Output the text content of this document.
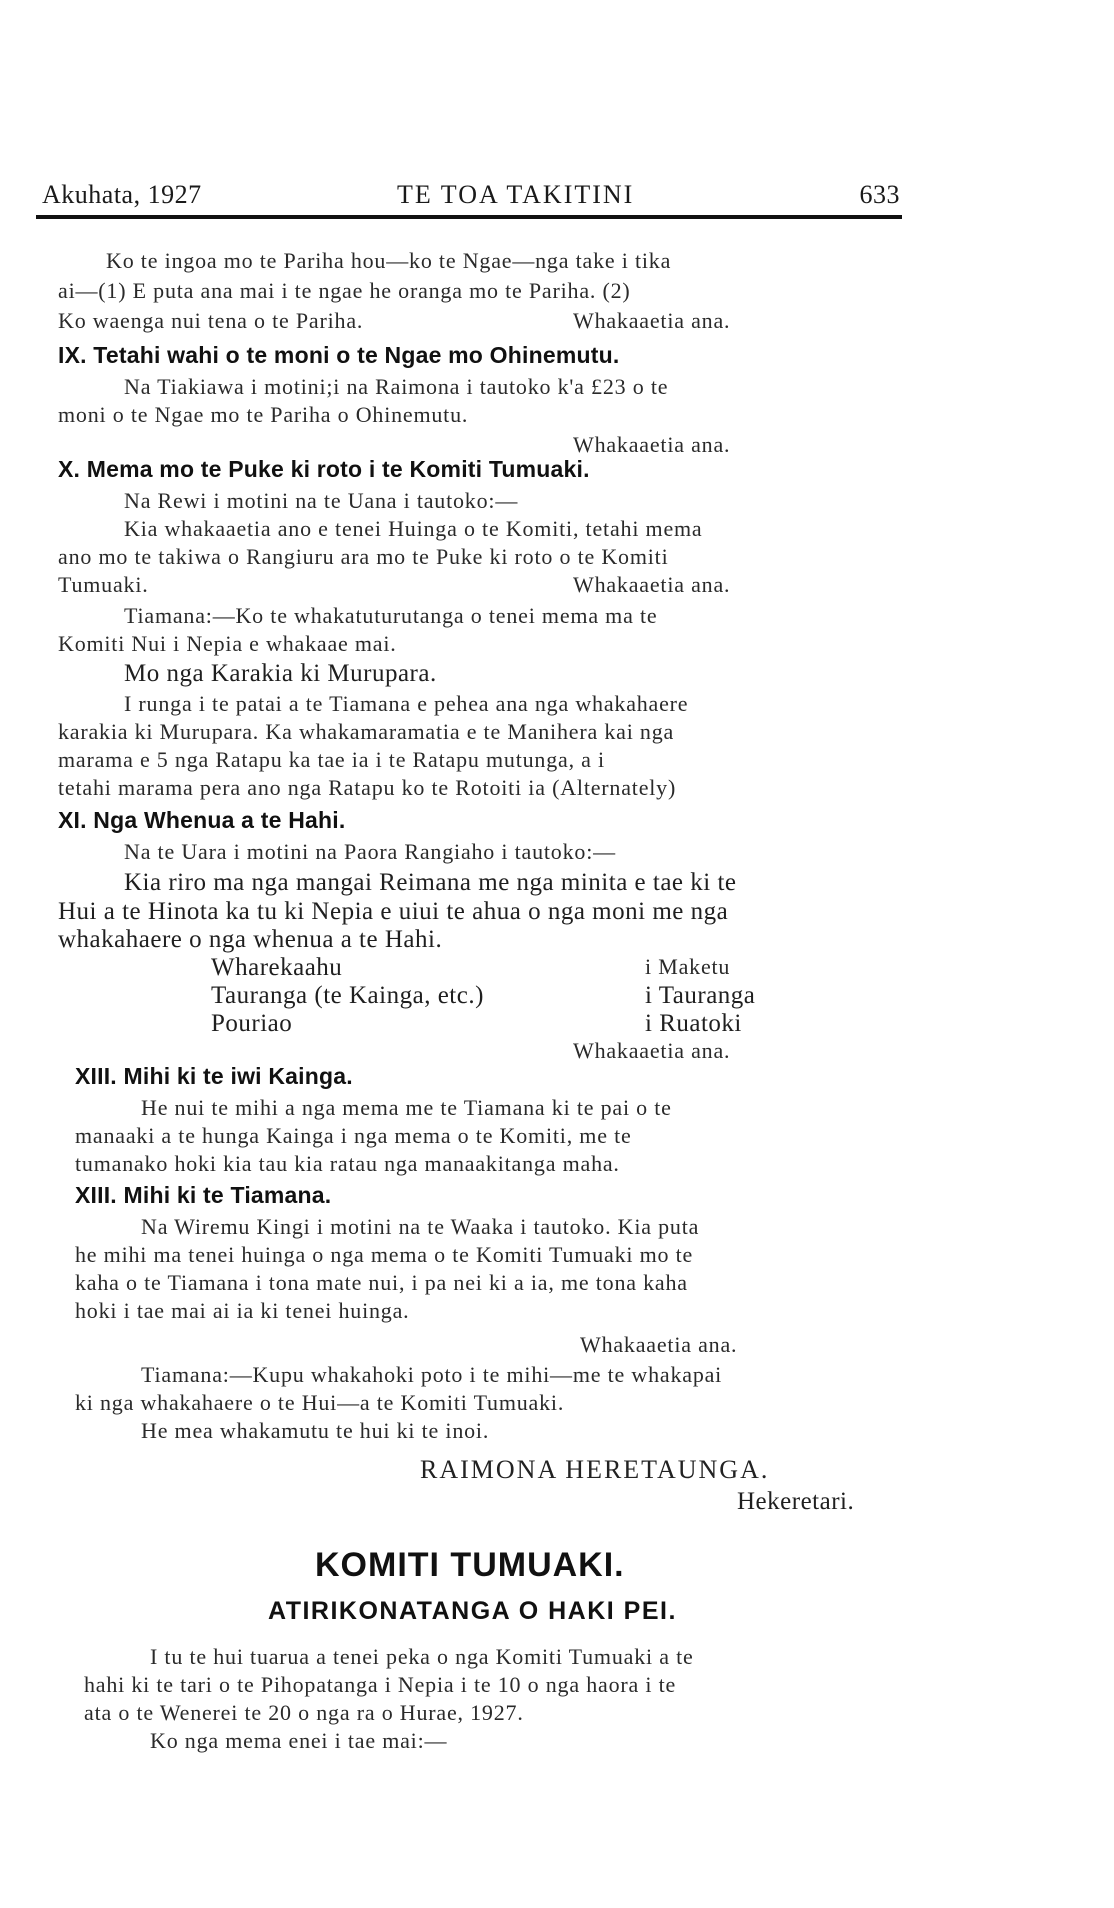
Akuhata, 1927	TE TOA TAKITINI	633
Ko te ingoa mo te Pariha hou—ko te Ngae—nga take i tika
ai—(1) E puta ana mai i te ngae he oranga mo te Pariha. (2)
Ko waenga nui tena o te Pariha.	Whakaaetia ana.
IX. Tetahi wahi o te moni o te Ngae mo Ohinemutu.
Na Tiakiawa i motini;i na Raimona i tautoko k'a £23 o te
moni o te Ngae mo te Pariha o Ohinemutu.
Whakaaetia ana.
X. Mema mo te Puke ki roto i te Komiti Tumuaki.
Na Rewi i motini na te Uana i tautoko:—
Kia whakaaetia ano e tenei Huinga o te Komiti, tetahi mema
ano mo te takiwa o Rangiuru ara mo te Puke ki roto o te Komiti
Tumuaki.	Whakaaetia ana.
Tiamana:—Ko te whakatuturutanga o tenei mema ma te
Komiti Nui i Nepia e whakaae mai.
Mo nga Karakia ki Murupara.
I runga i te patai a te Tiamana e pehea ana nga whakahaere
karakia ki Murupara. Ka whakamaramatia e te Manihera kai nga
marama e 5 nga Ratapu ka tae ia i te Ratapu mutunga, a i
tetahi marama pera ano nga Ratapu ko te Rotoiti ia (Alternately)
XI. Nga Whenua a te Hahi.
Na te Uara i motini na Paora Rangiaho i tautoko:—
Kia riro ma nga mangai Reimana me nga minita e tae ki te
Hui a te Hinota ka tu ki Nepia e uiui te ahua o nga moni me nga
whakahaere o nga whenua a te Hahi.
Wharekaahu	i Maketu
Tauranga (te Kainga, etc.)	i Tauranga
Pouriao	i Ruatoki
Whakaaetia ana.
XIII. Mihi ki te iwi Kainga.
He nui te mihi a nga mema me te Tiamana ki te pai o te
manaaki a te hunga Kainga i nga mema o te Komiti, me te
tumanako hoki kia tau kia ratau nga manaakitanga maha.
XIII. Mihi ki te Tiamana.
Na Wiremu Kingi i motini na te Waaka i tautoko. Kia puta
he mihi ma tenei huinga o nga mema o te Komiti Tumuaki mo te
kaha o te Tiamana i tona mate nui, i pa nei ki a ia, me tona kaha
hoki i tae mai ai ia ki tenei huinga.
Whakaaetia ana.
Tiamana:—Kupu whakahoki poto i te mihi—me te whakapai
ki nga whakahaere o te Hui—a te Komiti Tumuaki.
He mea whakamutu te hui ki te inoi.
RAIMONA HERETAUNGA.
Hekeretari.
KOMITI TUMUAKI.
ATIRIKONATANGA O HAKI PEI.
I tu te hui tuarua a tenei peka o nga Komiti Tumuaki a te
hahi ki te tari o te Pihopatanga i Nepia i te 10 o nga haora i te
ata o te Wenerei te 20 o nga ra o Hurae, 1927.
Ko nga mema enei i tae mai:—
